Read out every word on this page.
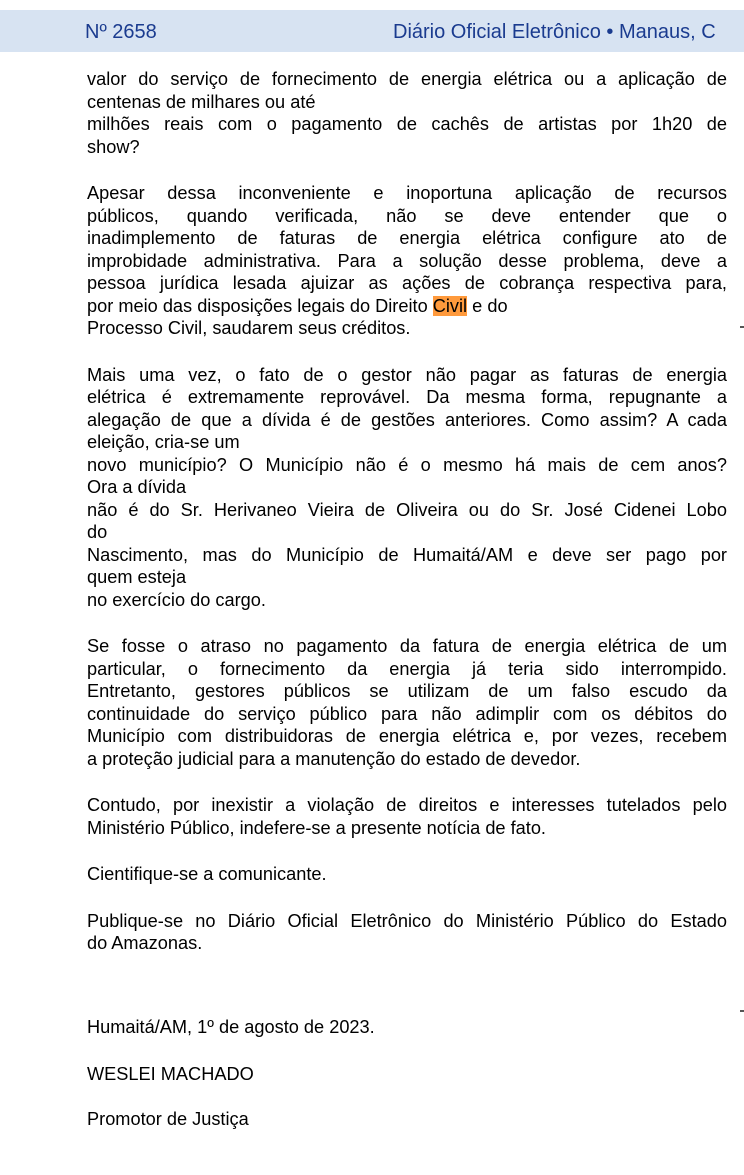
Nº 2658	Diário Oficial Eletrônico • Manaus, C
valor do serviço de fornecimento de energia elétrica ou a aplicação de
centenas de milhares ou até
milhões reais com o pagamento de cachês de artistas por 1h20 de
show?
Apesar dessa inconveniente e inoportuna aplicação de recursos
públicos, quando verificada, não se deve entender que o
inadimplemento de faturas de energia elétrica configure ato de
improbidade administrativa. Para a solução desse problema, deve a
pessoa jurídica lesada ajuizar as ações de cobrança respectiva para,
por meio das disposições legais do Direito Civil e do
Processo Civil, saudarem seus créditos.
Mais uma vez, o fato de o gestor não pagar as faturas de energia
elétrica é extremamente reprovável. Da mesma forma, repugnante a
alegação de que a dívida é de gestões anteriores. Como assim? A cada
eleição, cria-se um
novo município? O Município não é o mesmo há mais de cem anos?
Ora a dívida
não é do Sr. Herivaneo Vieira de Oliveira ou do Sr. José Cidenei Lobo
do
Nascimento, mas do Município de Humaitá/AM e deve ser pago por
quem esteja
no exercício do cargo.
Se fosse o atraso no pagamento da fatura de energia elétrica de um
particular, o fornecimento da energia já teria sido interrompido.
Entretanto, gestores públicos se utilizam de um falso escudo da
continuidade do serviço público para não adimplir com os débitos do
Município com distribuidoras de energia elétrica e, por vezes, recebem
a proteção judicial para a manutenção do estado de devedor.
Contudo, por inexistir a violação de direitos e interesses tutelados pelo
Ministério Público, indefere-se a presente notícia de fato.
Cientifique-se a comunicante.
Publique-se no Diário Oficial Eletrônico do Ministério Público do Estado
do Amazonas.
Humaitá/AM, 1º de agosto de 2023.
WESLEI MACHADO
Promotor de Justiça
